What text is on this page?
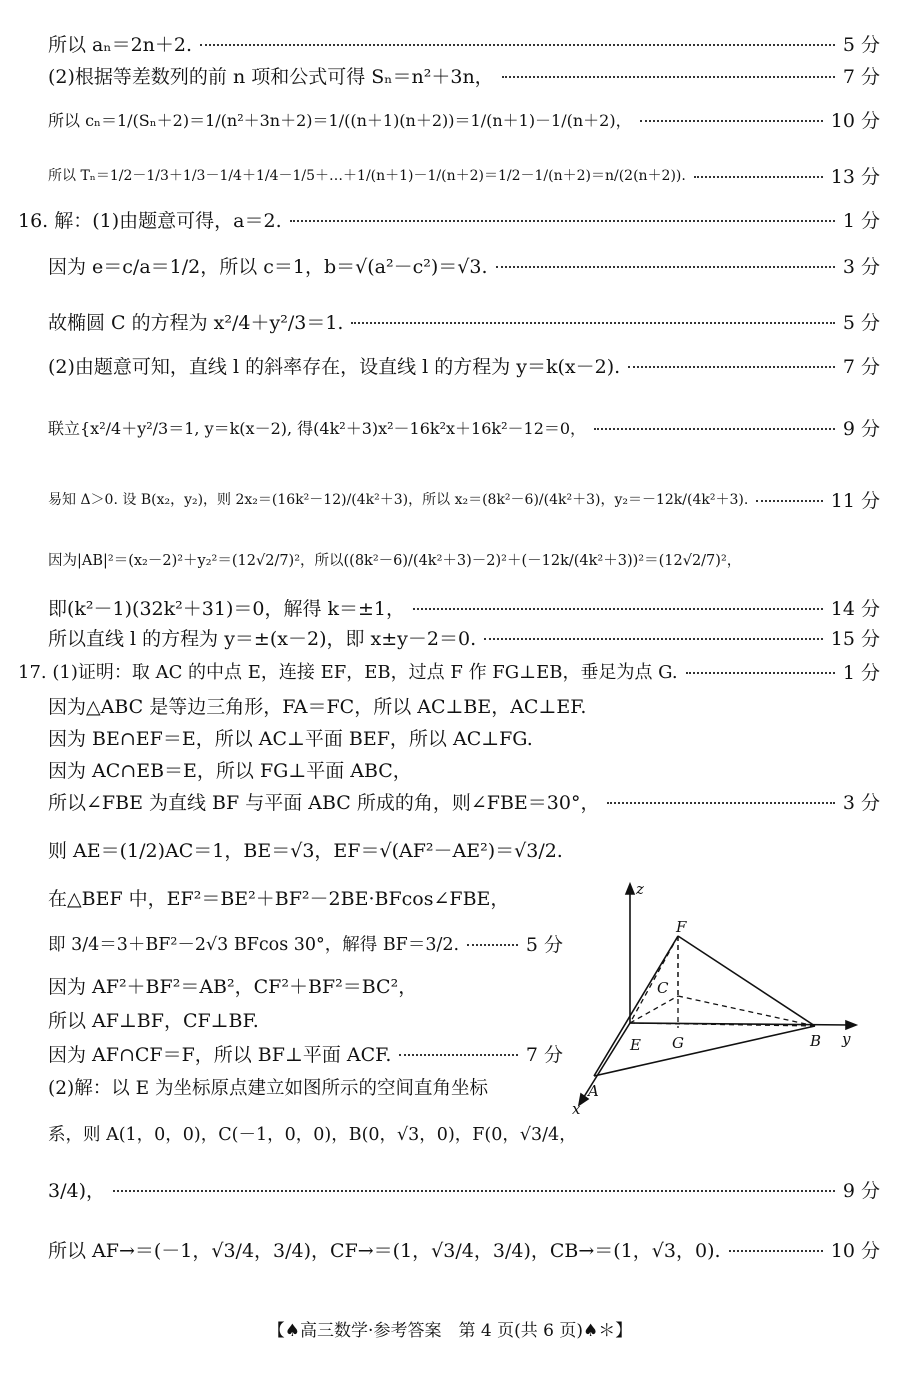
所以 aₙ＝2n＋2.	5 分
(2)根据等差数列的前 n 项和公式可得 Sₙ＝n²＋3n，	7 分
所以 cₙ＝1/(Sₙ＋2)＝1/(n²＋3n＋2)＝1/((n＋1)(n＋2))＝1/(n＋1)－1/(n＋2)，	10 分
所以 Tₙ＝1/2－1/3＋1/3－1/4＋1/4－1/5＋…＋1/(n＋1)－1/(n＋2)＝1/2－1/(n＋2)＝n/(2(n＋2)).	13 分
16. 解：(1)由题意可得，a＝2.	1 分
因为 e＝c/a＝1/2，所以 c＝1，b＝√(a²－c²)＝√3.	3 分
故椭圆 C 的方程为 x²/4＋y²/3＝1.	5 分
(2)由题意可知，直线 l 的斜率存在，设直线 l 的方程为 y＝k(x－2).	7 分
联立{x²/4＋y²/3＝1, y＝k(x－2), 得(4k²＋3)x²－16k²x＋16k²－12＝0，	9 分
易知 Δ＞0. 设 B(x₂，y₂)，则 2x₂＝(16k²－12)/(4k²＋3)，所以 x₂＝(8k²－6)/(4k²＋3)，y₂＝－12k/(4k²＋3).	11 分
因为|AB|²＝(x₂－2)²＋y₂²＝(12√2/7)²，所以((8k²－6)/(4k²＋3)－2)²＋(－12k/(4k²＋3))²＝(12√2/7)²，
即(k²－1)(32k²＋31)＝0，解得 k＝±1，	14 分
所以直线 l 的方程为 y＝±(x－2)，即 x±y－2＝0.	15 分
17. (1)证明：取 AC 的中点 E，连接 EF，EB，过点 F 作 FG⊥EB，垂足为点 G.	1 分
因为△ABC 是等边三角形，FA＝FC，所以 AC⊥BE，AC⊥EF.
因为 BE∩EF＝E，所以 AC⊥平面 BEF，所以 AC⊥FG.
因为 AC∩EB＝E，所以 FG⊥平面 ABC，
所以∠FBE 为直线 BF 与平面 ABC 所成的角，则∠FBE＝30°，	3 分
则 AE＝(1/2)AC＝1，BE＝√3，EF＝√(AF²－AE²)＝√3/2.
在△BEF 中，EF²＝BE²＋BF²－2BE·BFcos∠FBE，
即 3/4＝3＋BF²－2√3 BFcos 30°，解得 BF＝3/2.	5 分
因为 AF²＋BF²＝AB²，CF²＋BF²＝BC²，
所以 AF⊥BF，CF⊥BF.
因为 AF∩CF＝F，所以 BF⊥平面 ACF.	7 分
(2)解：以 E 为坐标原点建立如图所示的空间直角坐标
系，则 A(1，0，0)，C(－1，0，0)，B(0，√3，0)，F(0，√3/4，
3/4)，	9 分
所以 AF→＝(－1，√3/4，3/4)，CF→＝(1，√3/4，3/4)，CB→＝(1，√3，0).	10 分
z
F
C
E G	B y
A
x
【♠高三数学·参考答案　第 4 页(共 6 页)♠＊】
